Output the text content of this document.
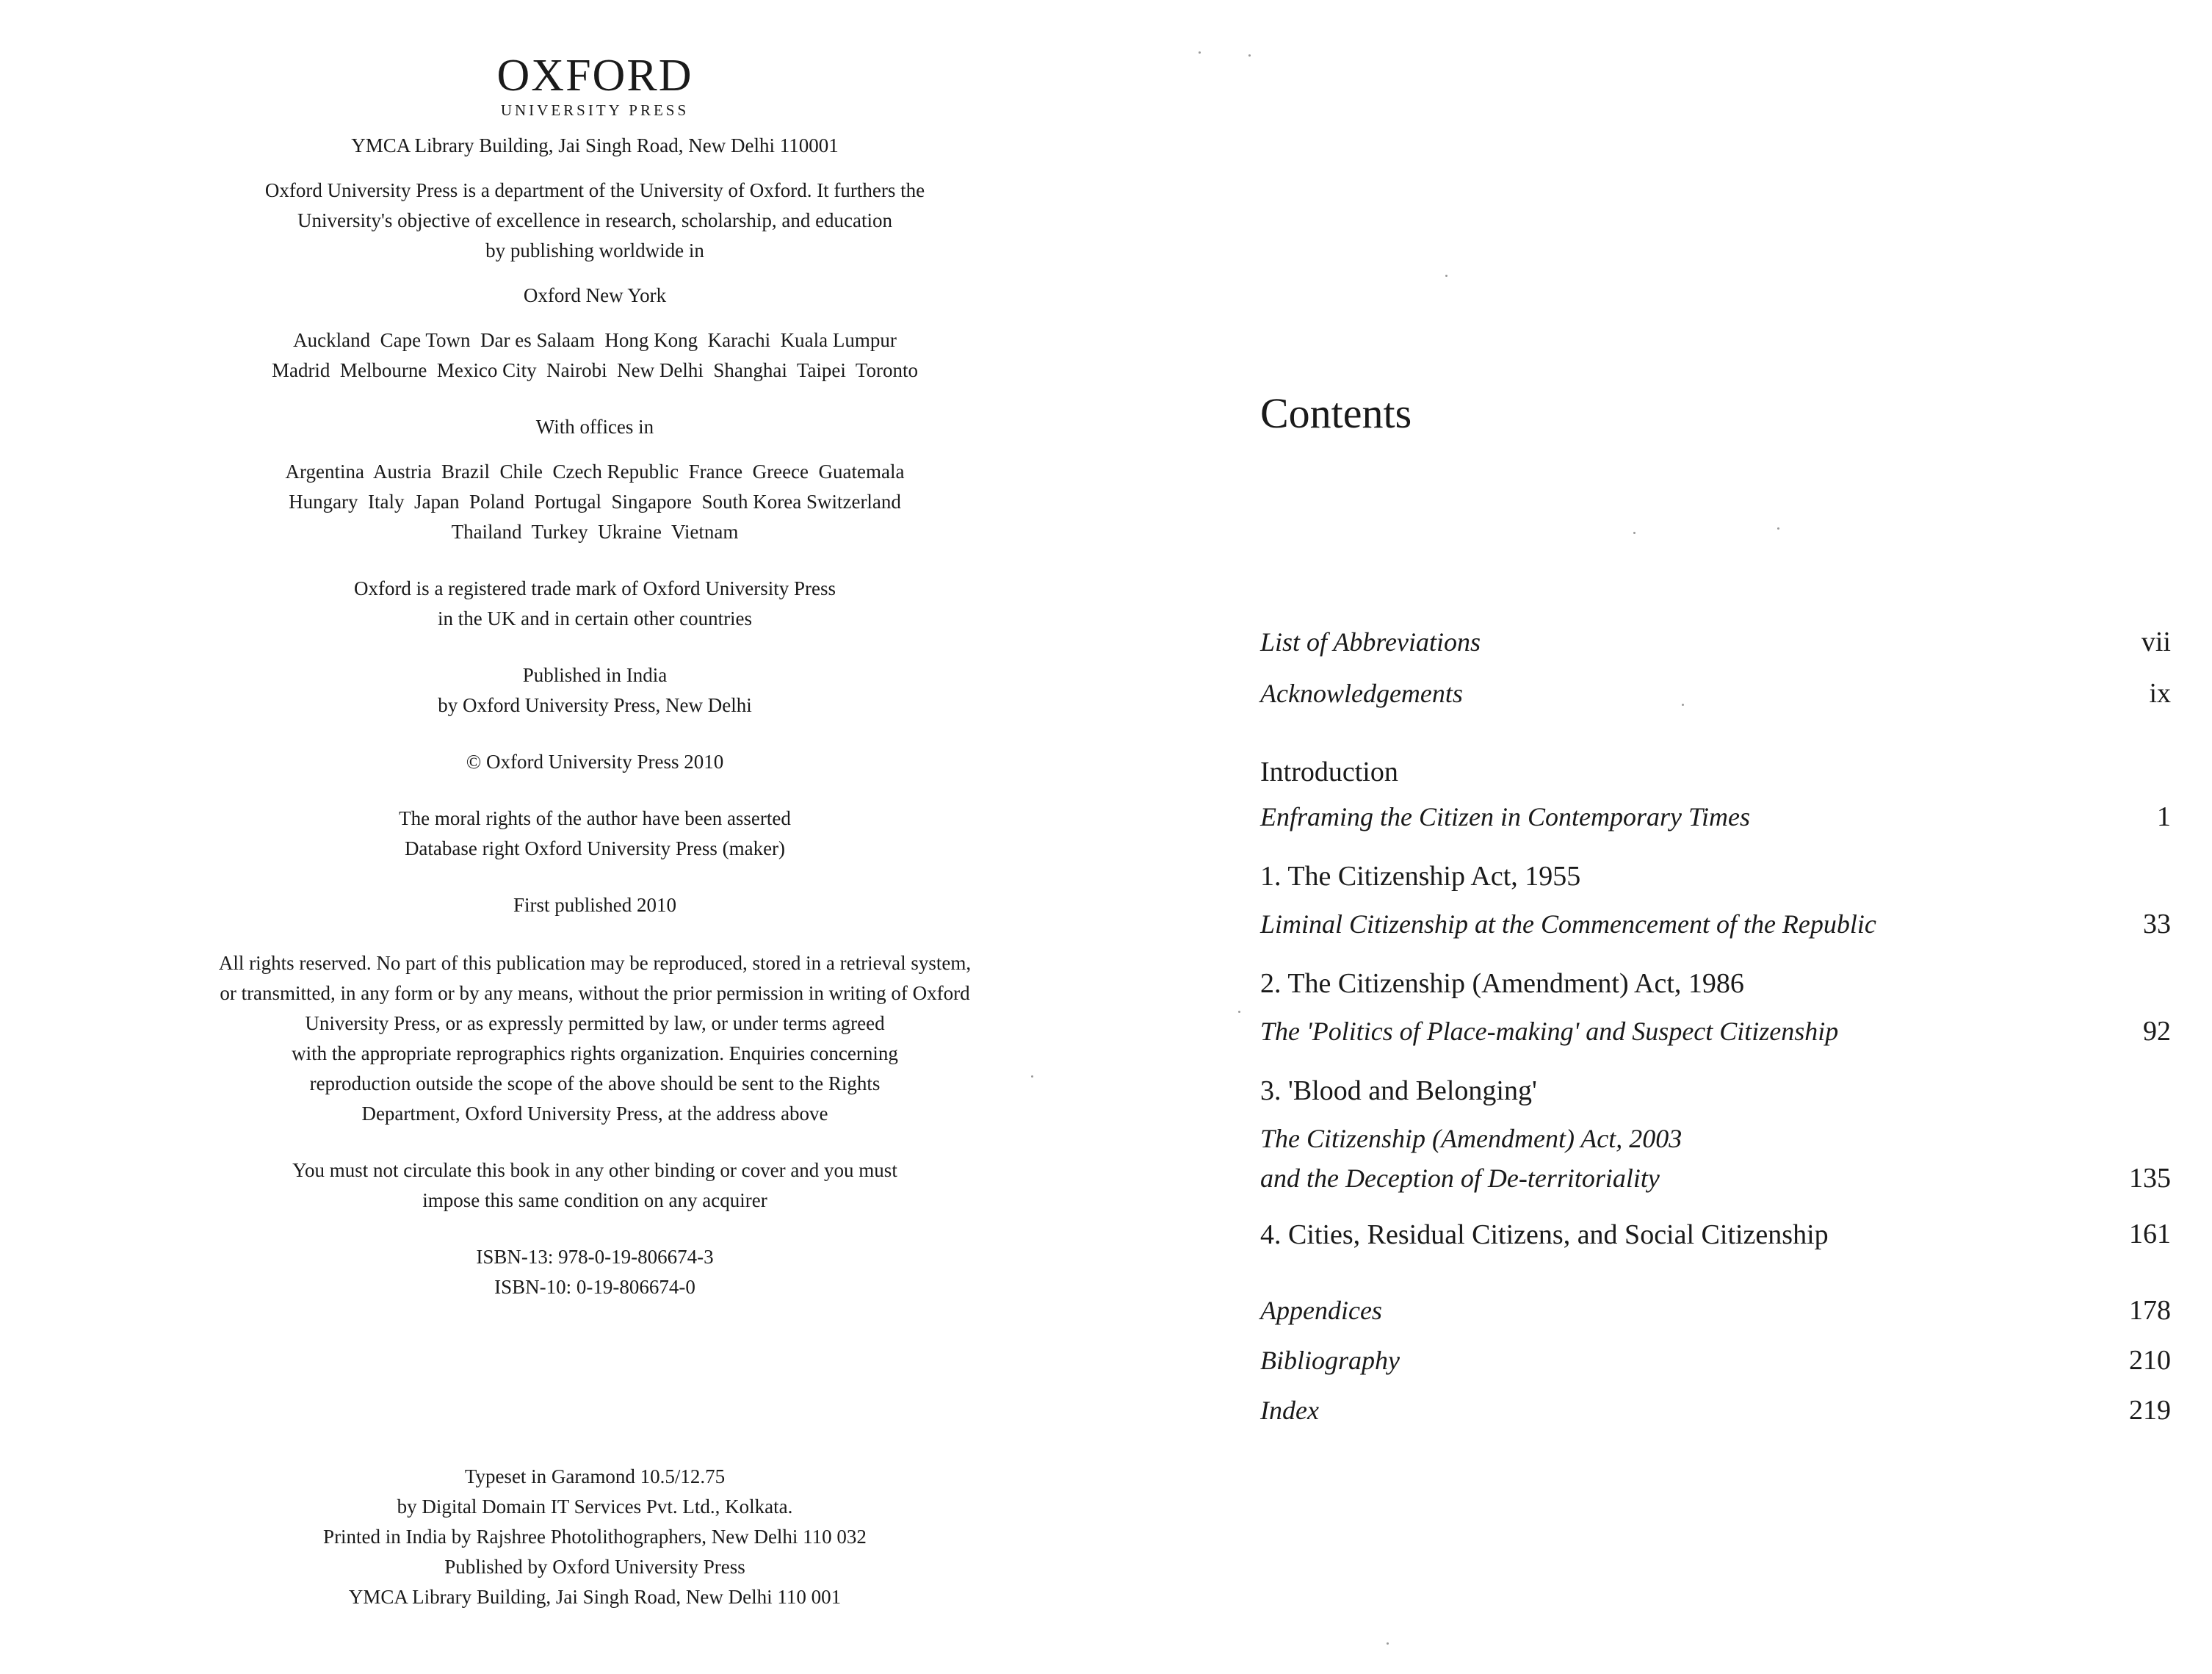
OXFORD
UNIVERSITY PRESS

YMCA Library Building, Jai Singh Road, New Delhi 110001

Oxford University Press is a department of the University of Oxford. It furthers the

University's objective of excellence in research, scholarship, and education

by publishing worldwide in

Oxford New York

Auckland  Cape Town  Dar es Salaam  Hong Kong  Karachi  Kuala Lumpur

Madrid  Melbourne  Mexico City  Nairobi  New Delhi  Shanghai  Taipei  Toronto

With offices in

Argentina  Austria  Brazil  Chile  Czech Republic  France  Greece  Guatemala

Hungary  Italy  Japan  Poland  Portugal  Singapore  South Korea Switzerland

Thailand  Turkey  Ukraine  Vietnam

Oxford is a registered trade mark of Oxford University Press

in the UK and in certain other countries

Published in India

by Oxford University Press, New Delhi

© Oxford University Press 2010

The moral rights of the author have been asserted

Database right Oxford University Press (maker)

First published 2010

All rights reserved. No part of this publication may be reproduced, stored in a retrieval system,

or transmitted, in any form or by any means, without the prior permission in writing of Oxford

University Press, or as expressly permitted by law, or under terms agreed

with the appropriate reprographics rights organization. Enquiries concerning

reproduction outside the scope of the above should be sent to the Rights

Department, Oxford University Press, at the address above

You must not circulate this book in any other binding or cover and you must

impose this same condition on any acquirer

ISBN-13: 978-0-19-806674-3

ISBN-10: 0-19-806674-0

Typeset in Garamond 10.5/12.75

by Digital Domain IT Services Pvt. Ltd., Kolkata.

Printed in India by Rajshree Photolithographers, New Delhi 110 032

Published by Oxford University Press

YMCA Library Building, Jai Singh Road, New Delhi 110 001

Contents
List of Abbreviations	vii
Acknowledgements	ix
Introduction
Enframing the Citizen in Contemporary Times	1
1. The Citizenship Act, 1955
Liminal Citizenship at the Commencement of the Republic	33
2. The Citizenship (Amendment) Act, 1986
The 'Politics of Place-making' and Suspect Citizenship	92
3. 'Blood and Belonging'
The Citizenship (Amendment) Act, 2003
and the Deception of De-territoriality	135
4. Cities, Residual Citizens, and Social Citizenship	161
Appendices	178
Bibliography	210
Index	219
